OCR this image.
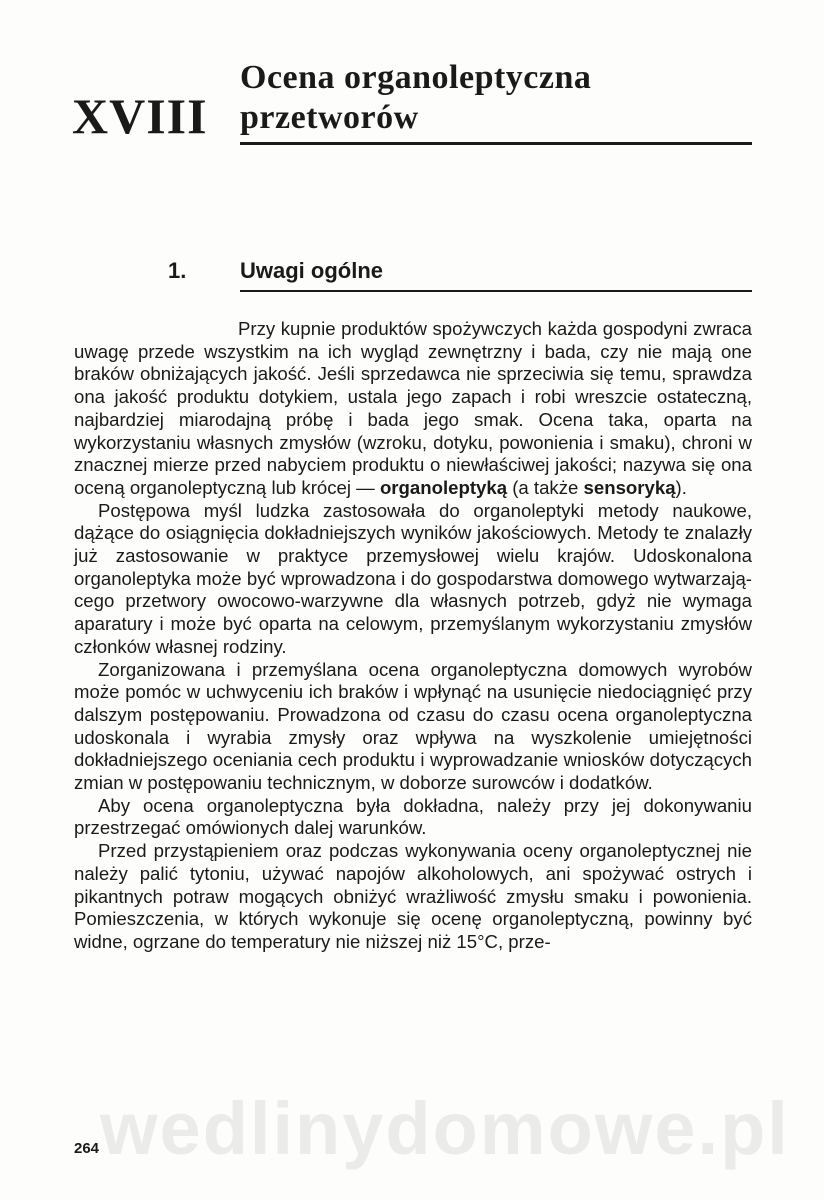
XVIII
Ocena organoleptyczna przetworów
1. Uwagi ogólne

Przy kupnie produktów spożywczych każda gospodyni zwraca uwagę przede wszystkim na ich wygląd zewnętrzny i bada, czy nie mają one braków obniżających jakość. Jeśli sprzedawca nie sprzeciwia się temu, sprawdza ona jakość produktu dotykiem, ustala jego zapach i robi wreszcie ostateczną, najbardziej miarodajną próbę i bada jego smak. Ocena taka, oparta na wykorzystaniu własnych zmysłów (wzroku, dotyku, powonienia i smaku), chroni w znacznej mierze przed nabyciem produktu o niewłaściwej jakości; nazywa się ona oceną organoleptyczną lub krócej — organoleptyką (a także sensoryką).

Postępowa myśl ludzka zastosowała do organoleptyki metody naukowe, dążące do osiągnięcia dokładniejszych wyników jakościowych. Metody te znalazły już zastosowanie w praktyce przemysłowej wielu krajów. Udoskonalona organoleptyka może być wprowadzona i do gospodarstwa domowego wytwarzającego przetwory owocowo-warzywne dla własnych potrzeb, gdyż nie wymaga aparatury i może być oparta na celowym, przemyślanym wykorzystaniu zmysłów członków własnej rodziny.

Zorganizowana i przemyślana ocena organoleptyczna domowych wyrobów może pomóc w uchwyceniu ich braków i wpłynąć na usunięcie niedociągnięć przy dalszym postępowaniu. Prowadzona od czasu do czasu ocena organoleptyczna udoskonala i wyrabia zmysły oraz wpływa na wyszkolenie umiejętności dokładniejszego oceniania cech produktu i wyprowadzanie wniosków dotyczących zmian w postępowaniu technicznym, w doborze surowców i dodatków.

Aby ocena organoleptyczna była dokładna, należy przy jej dokonywaniu przestrzegać omówionych dalej warunków.

Przed przystąpieniem oraz podczas wykonywania oceny organoleptycznej nie należy palić tytoniu, używać napojów alkoholowych, ani spożywać ostrych i pikantnych potraw mogących obniżyć wrażliwość zmysłu smaku i powonienia. Pomieszczenia, w których wykonuje się ocenę organoleptyczną, powinny być widne, ogrzane do temperatury nie niższej niż 15°C, prze-

264 wedlinydomowe.pl
